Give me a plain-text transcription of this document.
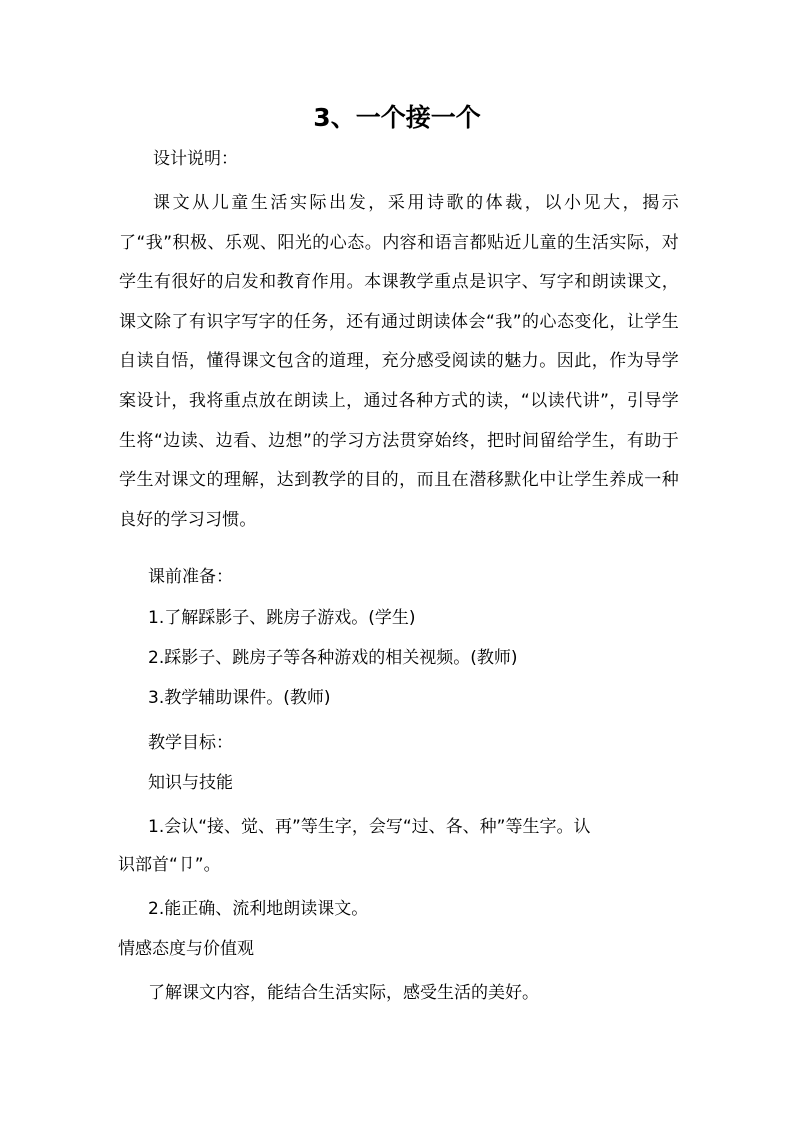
3、一个接一个
设计说明：
课文从儿童生活实际出发，采用诗歌的体裁，以小见大，揭示了“我”积极、乐观、阳光的心态。内容和语言都贴近儿童的生活实际，对学生有很好的启发和教育作用。本课教学重点是识字、写字和朗读课文，课文除了有识字写字的任务，还有通过朗读体会“我”的心态变化，让学生自读自悟，懂得课文包含的道理，充分感受阅读的魅力。因此，作为导学案设计，我将重点放在朗读上，通过各种方式的读，“以读代讲”，引导学生将“边读、边看、边想”的学习方法贯穿始终，把时间留给学生，有助于学生对课文的理解，达到教学的目的，而且在潜移默化中让学生养成一种良好的学习习惯。
课前准备：
1.了解踩影子、跳房子游戏。(学生)
2.踩影子、跳房子等各种游戏的相关视频。(教师)
3.教学辅助课件。(教师)
教学目标：
知识与技能
1.会认“接、觉、再”等生字，会写“过、各、种”等生字。认
识部首“卩”。
2.能正确、流利地朗读课文。
情感态度与价值观
了解课文内容，能结合生活实际，感受生活的美好。
